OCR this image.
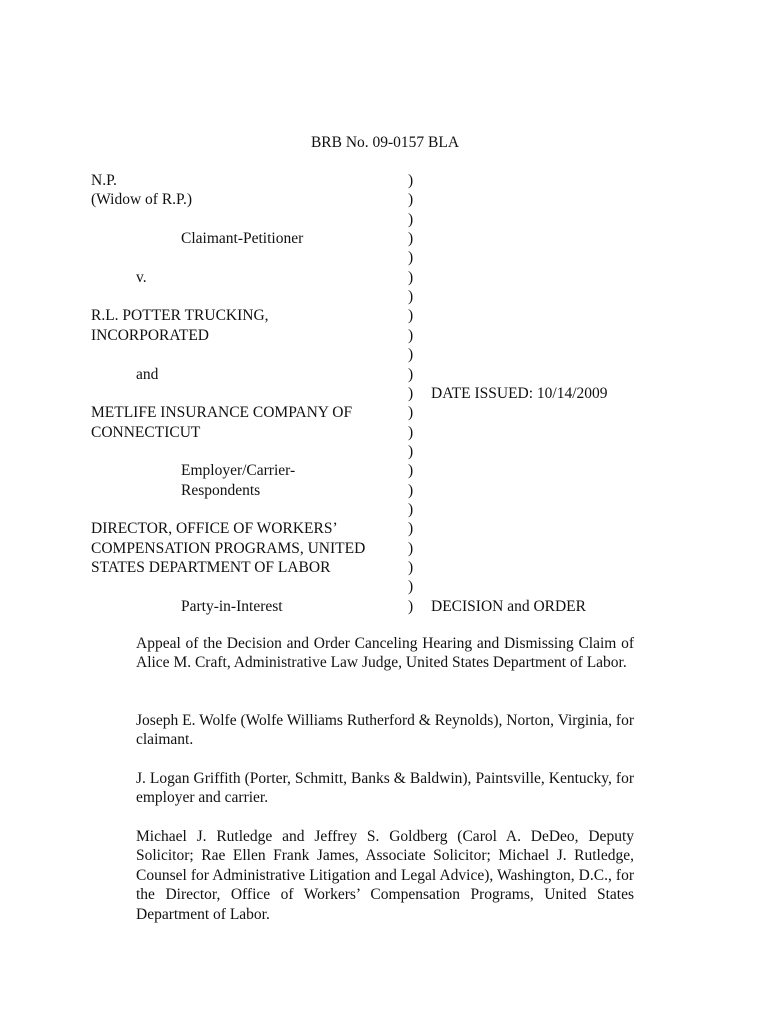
BRB No. 09-0157 BLA
N.P.	)
(Widow of R.P.)	)
)
Claimant-Petitioner	)
)
v.	)
)
R.L. POTTER TRUCKING,	)
INCORPORATED	)
)
and	)
) DATE ISSUED: 10/14/2009
METLIFE INSURANCE COMPANY OF	)
CONNECTICUT	)
)
Employer/Carrier-	)
Respondents	)
)
DIRECTOR, OFFICE OF WORKERS’	)
COMPENSATION PROGRAMS, UNITED	)
STATES DEPARTMENT OF LABOR	)
)
Party-in-Interest	) DECISION and ORDER
Appeal of the Decision and Order Canceling Hearing and Dismissing Claim of Alice M. Craft, Administrative Law Judge, United States Department of Labor.
Joseph E. Wolfe (Wolfe Williams Rutherford & Reynolds), Norton, Virginia, for claimant.
J. Logan Griffith (Porter, Schmitt, Banks & Baldwin), Paintsville, Kentucky, for employer and carrier.
Michael J. Rutledge and Jeffrey S. Goldberg (Carol A. DeDeo, Deputy Solicitor; Rae Ellen Frank James, Associate Solicitor; Michael J. Rutledge, Counsel for Administrative Litigation and Legal Advice), Washington, D.C., for the Director, Office of Workers’ Compensation Programs, United States Department of Labor.
